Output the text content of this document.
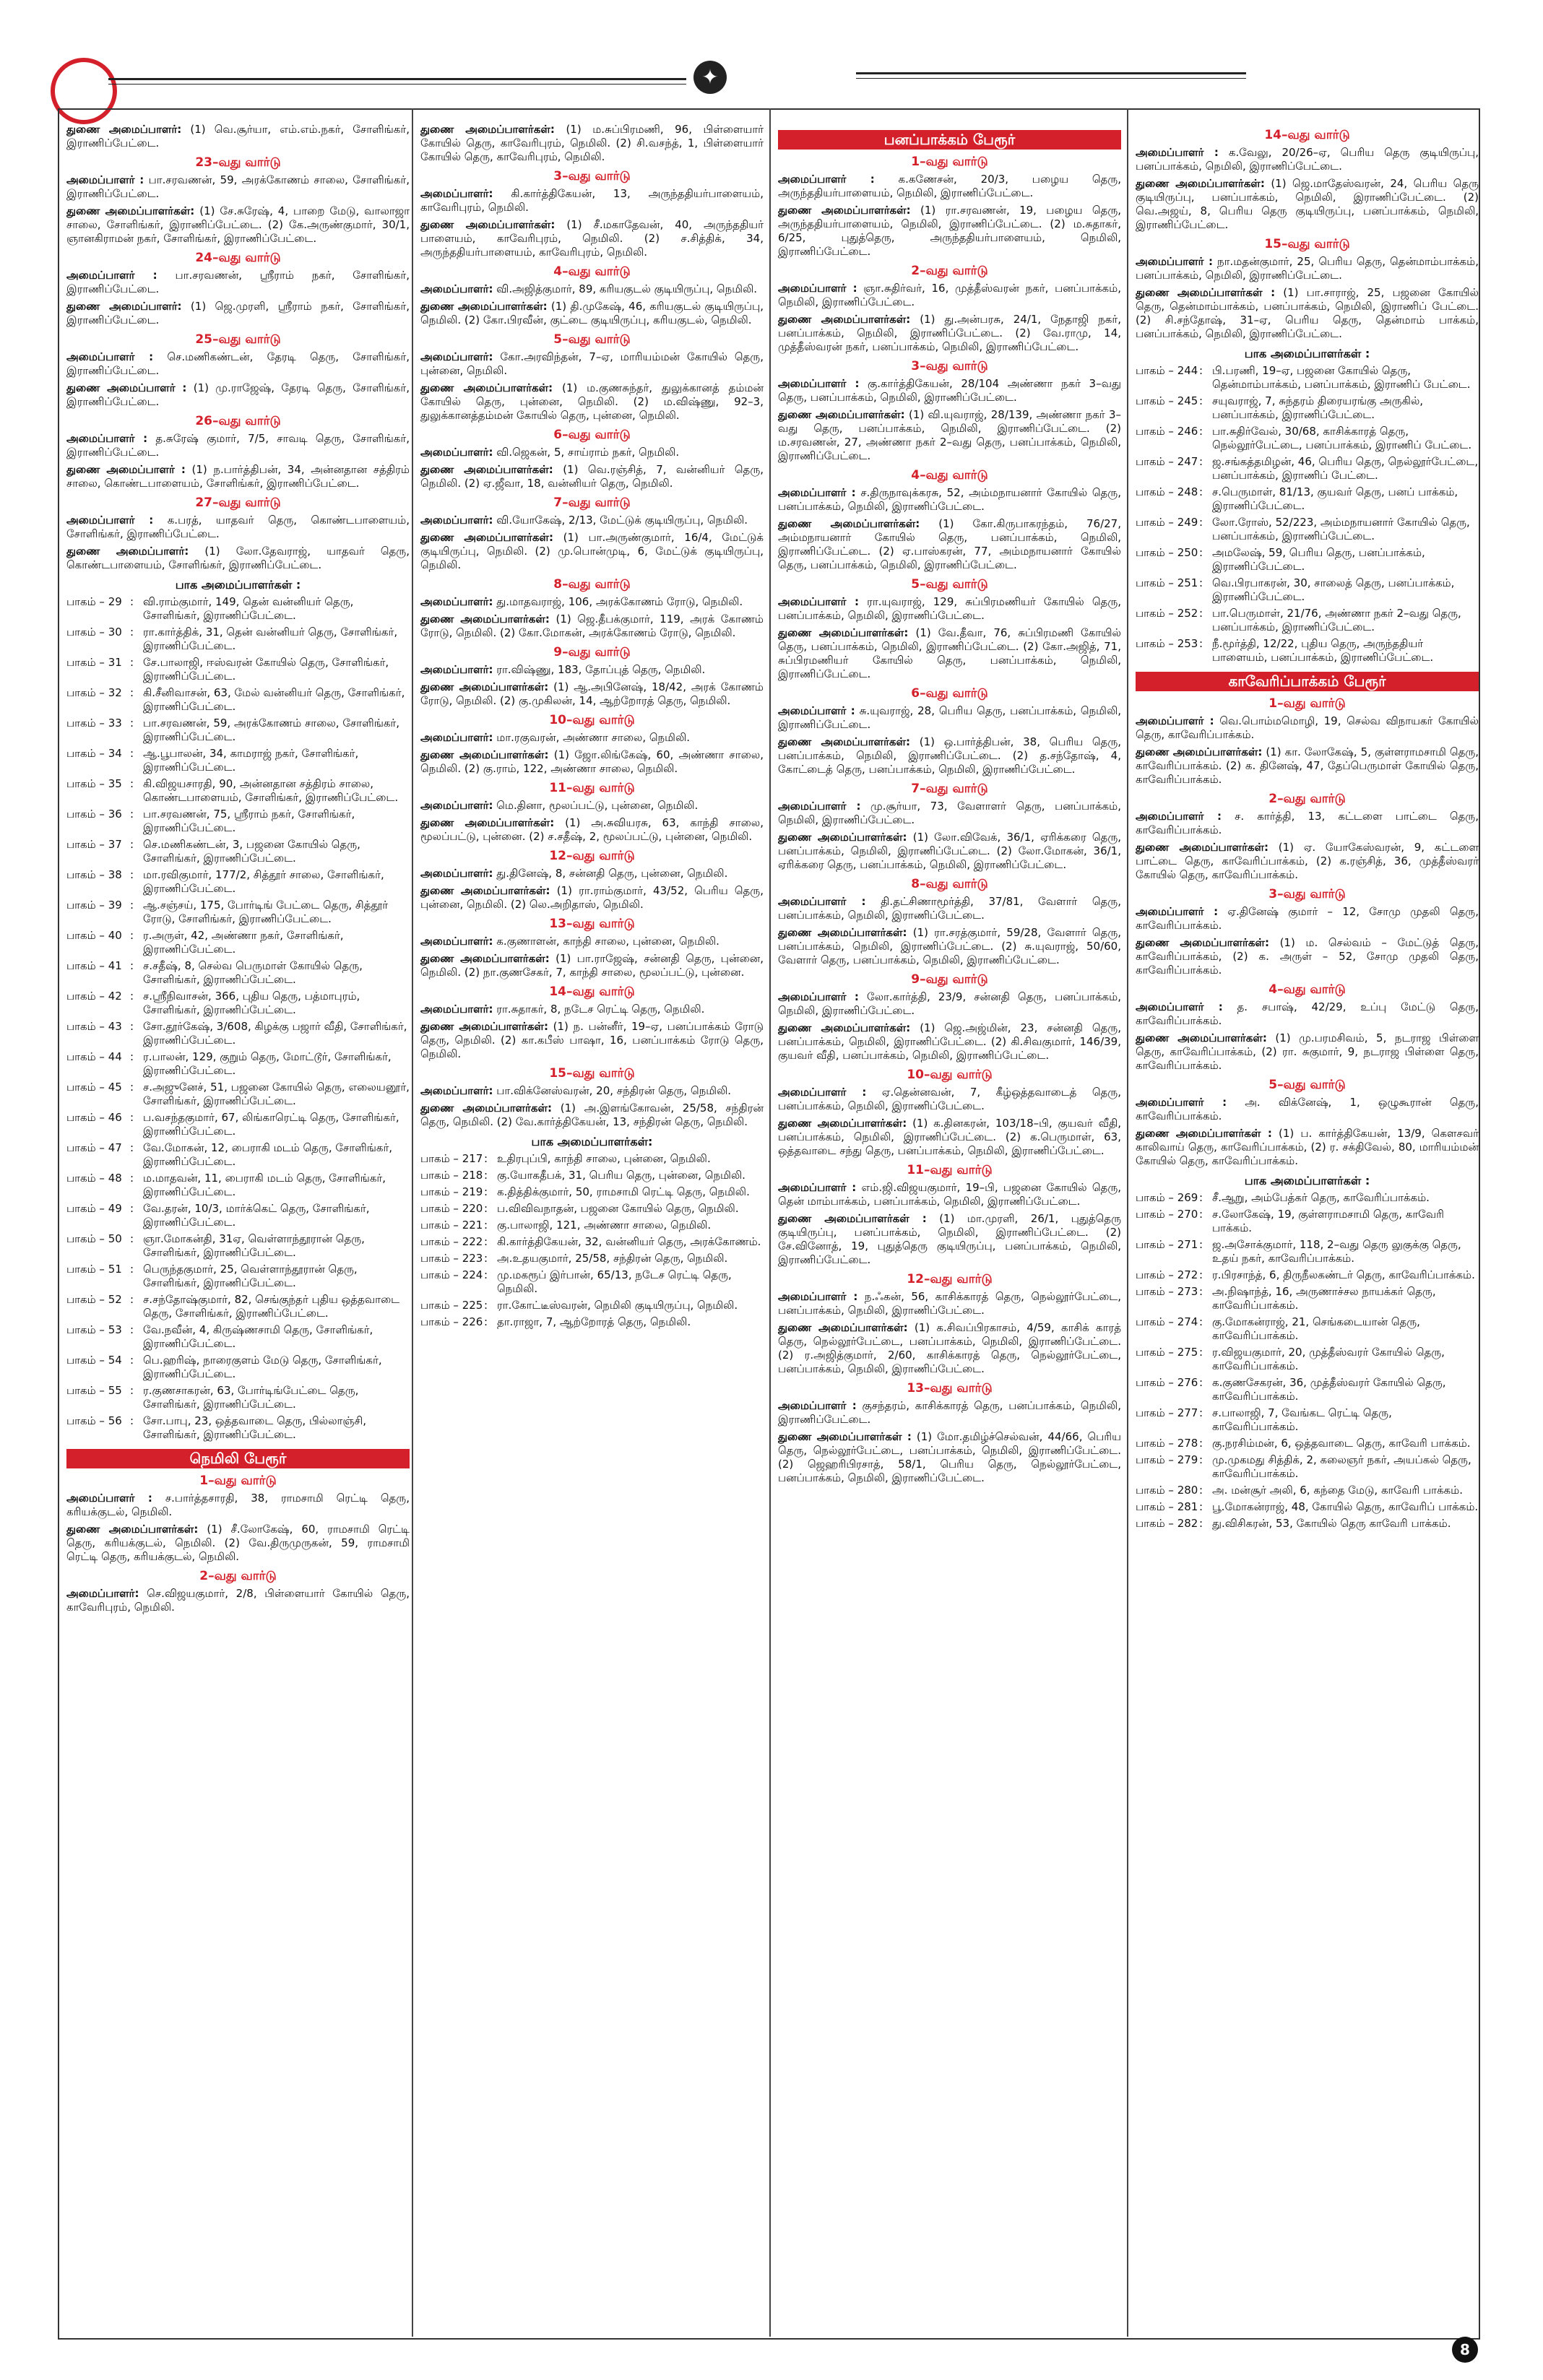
✦
துணை அமைப்பாளர்: (1) வெ.சூர்யா, எம்.எம்.நகர், சோளிங்கர், இராணிப்பேட்டை.
23–வது வார்டு
அமைப்பாளர் : பா.சரவணன், 59, அரக்கோணம் சாலை, சோளிங்கர், இராணிப்பேட்டை.
துணை அமைப்பாளர்கள்: (1) சே.சுரேஷ், 4, பாறை மேடு, வாலாஜா சாலை, சோளிங்கர், இராணிப்பேட்டை. (2) கே.அருண்குமார், 30/1, ஞானகிராமன் நகர், சோளிங்கர், இராணிப்பேட்டை.
24–வது வார்டு
அமைப்பாளர் : பா.சரவணன், ஸ்ரீராம் நகர், சோளிங்கர், இராணிப்பேட்டை.
துணை அமைப்பாளர்: (1) ஜெ.முரளி, ஸ்ரீராம் நகர், சோளிங்கர், இராணிப்பேட்டை.
25–வது வார்டு
அமைப்பாளர் : செ.மணிகண்டன், தேரடி தெரு, சோளிங்கர், இராணிப்பேட்டை.
துணை அமைப்பாளர் : (1) மு.ராஜேஷ், தேரடி தெரு, சோளிங்கர், இராணிப்பேட்டை.
26–வது வார்டு
அமைப்பாளர் : த.சுரேஷ் குமார், 7/5, சாவடி தெரு, சோளிங்கர், இராணிப்பேட்டை.
துணை அமைப்பாளர் : (1) ந.பார்த்திபன், 34, அன்னதான சத்திரம் சாலை, கொண்டபாளையம், சோளிங்கர், இராணிப்பேட்டை.
27–வது வார்டு
அமைப்பாளர் : க.பரத், யாதவர் தெரு, கொண்டபாளையம், சோளிங்கர், இராணிப்பேட்டை.
துணை அமைப்பாளர்: (1) லோ.தேவராஜ், யாதவர் தெரு, கொண்டபாளையம், சோளிங்கர், இராணிப்பேட்டை.
பாக அமைப்பாளர்கள் :
பாகம் – 29 : வி.ராம்குமார், 149, தென் வன்னியர் தெரு, சோளிங்கர், இராணிப்பேட்டை.
பாகம் – 30 : ரா.கார்த்திக், 31, தென் வன்னியர் தெரு, சோளிங்கர், இராணிப்பேட்டை.
பாகம் – 31 : சே.பாலாஜி, ஈஸ்வரன் கோயில் தெரு, சோளிங்கர், இராணிப்பேட்டை.
பாகம் – 32 : கி.சீனிவாசன், 63, மேல் வன்னியர் தெரு, சோளிங்கர், இராணிப்பேட்டை.
பாகம் – 33 : பா.சரவணன், 59, அரக்கோணம் சாலை, சோளிங்கர், இராணிப்பேட்டை.
பாகம் – 34 : ஆ.பூபாலன், 34, காமராஜ் நகர், சோளிங்கர், இராணிப்பேட்டை.
பாகம் – 35 : கி.விஜயசாரதி, 90, அன்னதான சத்திரம் சாலை, கொண்டபாளையம், சோளிங்கர், இராணிப்பேட்டை.
பாகம் – 36 : பா.சரவணன், 75, ஸ்ரீராம் நகர், சோளிங்கர், இராணிப்பேட்டை.
பாகம் – 37 : செ.மணிகண்டன், 3, பஜனை கோயில் தெரு, சோளிங்கர், இராணிப்பேட்டை.
பாகம் – 38 : மா.ரவிகுமார், 177/2, சித்தூர் சாலை, சோளிங்கர், இராணிப்பேட்டை.
பாகம் – 39 : ஆ.சஞ்சய், 175, போர்டிங் பேட்டை தெரு, சித்தூர் ரோடு, சோளிங்கர், இராணிப்பேட்டை.
பாகம் – 40 : ர.அருள், 42, அண்ணா நகர், சோளிங்கர், இராணிப்பேட்டை.
பாகம் – 41 : ச.சதீஷ், 8, செல்வ பெருமாள் கோயில் தெரு, சோளிங்கர், இராணிப்பேட்டை.
பாகம் – 42 : ச.ஸ்ரீநிவாசன், 366, புதிய தெரு, பத்மாபுரம், சோளிங்கர், இராணிப்பேட்டை.
பாகம் – 43 : சோ.தூர்கேஷ், 3/608, கிழக்கு பஜார் வீதி, சோளிங்கர், இராணிப்பேட்டை.
பாகம் – 44 : ர.பாலன், 129, குறும் தெரு, மோட்டூர், சோளிங்கர், இராணிப்பேட்டை.
பாகம் – 45 : ச.அஜுனேச், 51, பஜனை கோயில் தெரு, எலையனூர், சோளிங்கர், இராணிப்பேட்டை.
பாகம் – 46 : ப.வசந்தகுமார், 67, லிங்காரெட்டி தெரு, சோளிங்கர், இராணிப்பேட்டை.
பாகம் – 47 : வே.மோகன், 12, பைராகி மடம் தெரு, சோளிங்கர், இராணிப்பேட்டை.
பாகம் – 48 : ம.மாதவன், 11, பைராகி மடம் தெரு, சோளிங்கர், இராணிப்பேட்டை.
பாகம் – 49 : வே.தரன், 10/3, மார்க்கெட் தெரு, சோளிங்கர், இராணிப்பேட்டை.
பாகம் – 50 : ஞா.மோகன்தி, 31ஏ, வெள்ளாந்தூரான் தெரு, சோளிங்கர், இராணிப்பேட்டை.
பாகம் – 51 : பெருந்தகுமார், 25, வெள்ளாந்தூரான் தெரு, சோளிங்கர், இராணிப்பேட்டை.
பாகம் – 52 : ச.சந்தோஷ்குமார், 82, செங்குந்தர் புதிய ஒத்தவாடை தெரு, சோளிங்கர், இராணிப்பேட்டை.
பாகம் – 53 : வே.நவீன், 4, கிருஷ்ணசாமி தெரு, சோளிங்கர், இராணிப்பேட்டை.
பாகம் – 54 : பெ.ஹரிஷ், நாரைகுளம் மேடு தெரு, சோளிங்கர், இராணிப்பேட்டை.
பாகம் – 55 : ர.குணசாகரன், 63, போர்டிங்பேட்டை தெரு, சோளிங்கர், இராணிப்பேட்டை.
பாகம் – 56 : சோ.பாபு, 23, ஒத்தவாடை தெரு, பில்லாஞ்சி, சோளிங்கர், இராணிப்பேட்டை.
நெமிலி பேரூர்
1–வது வார்டு
அமைப்பாளர் : ச.பார்த்தசாரதி, 38, ராமசாமி ரெட்டி தெரு, கரியக்குடல், நெமிலி.
துணை அமைப்பாளர்கள்: (1) சீ.லோகேஷ், 60, ராமசாமி ரெட்டி தெரு, கரியக்குடல், நெமிலி. (2) வே.திருமுருகன், 59, ராமசாமி ரெட்டி தெரு, கரியக்குடல், நெமிலி.
2–வது வார்டு
அமைப்பாளர்: செ.விஜயகுமார், 2/8, பிள்ளையார் கோயில் தெரு, காவேரிபுரம், நெமிலி.
துணை அமைப்பாளர்கள்: (1) ம.சுப்பிரமணி, 96, பிள்ளையார் கோயில் தெரு, காவேரிபுரம், நெமிலி. (2) சி.வசந்த், 1, பிள்ளையார் கோயில் தெரு, காவேரிபுரம், நெமிலி.
3–வது வார்டு
அமைப்பாளர்: கி.கார்த்திகேயன், 13, அருந்ததியர்பாளையம், காவேரிபுரம், நெமிலி.
துணை அமைப்பாளர்கள்: (1) சீ.மகாதேவன், 40, அருந்ததியர் பாளையம், காவேரிபுரம், நெமிலி. (2) ச.சித்திக், 34, அருந்ததியர்பாளையம், காவேரிபுரம், நெமிலி.
4–வது வார்டு
அமைப்பாளர்: வி.அஜித்குமார், 89, கரியகுடல் குடியிருப்பு, நெமிலி.
துணை அமைப்பாளர்கள்: (1) தி.முகேஷ், 46, கரியகுடல் குடியிருப்பு, நெமிலி. (2) கோ.பிரவீன், குட்டை குடியிருப்பு, கரியகுடல், நெமிலி.
5–வது வார்டு
அமைப்பாளர்: கோ.அரவிந்தன், 7–ஏ, மாரியம்மன் கோயில் தெரு, புன்னை, நெமிலி.
துணை அமைப்பாளர்கள்: (1) ம.குணசுந்தர், துலுக்கானத் தம்மன் கோயில் தெரு, புன்னை, நெமிலி. (2) ம.விஷ்ணு, 92–3, துலுக்கானத்தம்மன் கோயில் தெரு, புன்னை, நெமிலி.
6–வது வார்டு
அமைப்பாளர்: வி.ஜெகன், 5, சாய்ராம் நகர், நெமிலி.
துணை அமைப்பாளர்கள்: (1) வெ.ரஞ்சித், 7, வன்னியர் தெரு, நெமிலி. (2) ஏ.ஜீவா, 18, வன்னியர் தெரு, நெமிலி.
7–வது வார்டு
அமைப்பாளர்: வி.யோகேஷ், 2/13, மேட்டுக் குடியிருப்பு, நெமிலி.
துணை அமைப்பாளர்கள்: (1) பா.அருண்குமார், 16/4, மேட்டுக் குடியிருப்பு, நெமிலி. (2) மு.பொன்முடி, 6, மேட்டுக் குடியிருப்பு, நெமிலி.
8–வது வார்டு
அமைப்பாளர்: து.மாதவராஜ், 106, அரக்கோணம் ரோடு, நெமிலி.
துணை அமைப்பாளர்கள்: (1) ஜெ.தீபக்குமார், 119, அரக் கோணம் ரோடு, நெமிலி. (2) கோ.மோகன், அரக்கோணம் ரோடு, நெமிலி.
9–வது வார்டு
அமைப்பாளர்: ரா.விஷ்ணு, 183, தோப்புத் தெரு, நெமிலி.
துணை அமைப்பாளர்கள்: (1) ஆ.அபினேஷ், 18/42, அரக் கோணம் ரோடு, நெமிலி. (2) கு.முகிலன், 14, ஆற்றோரத் தெரு, நெமிலி.
10–வது வார்டு
அமைப்பாளர்: மா.ரகுவரன், அண்ணா சாலை, நெமிலி.
துணை அமைப்பாளர்கள்: (1) ஜோ.லிங்கேஷ், 60, அண்ணா சாலை, நெமிலி. (2) கு.ராம், 122, அண்ணா சாலை, நெமிலி.
11–வது வார்டு
அமைப்பாளர்: மெ.தினா, மூலப்பட்டு, புன்னை, நெமிலி.
துணை அமைப்பாளர்கள்: (1) அ.சுவியரசு, 63, காந்தி சாலை, மூலப்பட்டு, புன்னை. (2) ச.சதீஷ், 2, மூலப்பட்டு, புன்னை, நெமிலி.
12–வது வார்டு
அமைப்பாளர்: து.தினேஷ், 8, சன்னதி தெரு, புன்னை, நெமிலி.
துணை அமைப்பாளர்கள்: (1) ரா.ராம்குமார், 43/52, பெரிய தெரு, புன்னை, நெமிலி. (2) லெ.அறிதாஸ், நெமிலி.
13–வது வார்டு
அமைப்பாளர்: க.குணாளன், காந்தி சாலை, புன்னை, நெமிலி.
துணை அமைப்பாளர்கள்: (1) பா.ராஜேஷ், சன்னதி தெரு, புன்னை, நெமிலி. (2) நா.குணசேகர், 7, காந்தி சாலை, மூலப்பட்டு, புன்னை.
14–வது வார்டு
அமைப்பாளர்: ரா.சுதாகர், 8, நடேச ரெட்டி தெரு, நெமிலி.
துணை அமைப்பாளர்கள்: (1) ந. பன்னீர், 19–ஏ, பனப்பாக்கம் ரோடு தெரு, நெமிலி. (2) கா.கபீஸ் பாஷா, 16, பனப்பாக்கம் ரோடு தெரு, நெமிலி.
15–வது வார்டு
அமைப்பாளர்: பா.விக்னேஸ்வரன், 20, சந்திரன் தெரு, நெமிலி.
துணை அமைப்பாளர்கள்: (1) அ.இளங்கோவன், 25/58, சந்திரன் தெரு, நெமிலி. (2) வே.கார்த்திகேயன், 13, சந்திரன் தெரு, நெமிலி.
பாக அமைப்பாளர்கள்:
பாகம் – 217 : உதிரபுப்பி, காந்தி சாலை, புன்னை, நெமிலி.
பாகம் – 218 : கு.யோகதீபக், 31, பெரிய தெரு, புன்னை, நெமிலி.
பாகம் – 219 : க.தித்திக்குமார், 50, ராமசாமி ரெட்டி தெரு, நெமிலி.
பாகம் – 220 : ப.விவிவநாதன், பஜனை கோயில் தெரு, நெமிலி.
பாகம் – 221 : கு.பாலாஜி, 121, அண்ணா சாலை, நெமிலி.
பாகம் – 222 : கி.கார்த்திகேயன், 32, வன்னியர் தெரு, அரக்கோணம்.
பாகம் – 223 : அ.உதயகுமார், 25/58, சந்திரன் தெரு, நெமிலி.
பாகம் – 224 : மு.மகரூப் இர்பான், 65/13, நடேச ரெட்டி தெரு, நெமிலி.
பாகம் – 225 : ரா.கோட்டீஸ்வரன், நெமிலி குடியிருப்பு, நெமிலி.
பாகம் – 226 : தா.ராஜா, 7, ஆற்றோரத் தெரு, நெமிலி.
பனப்பாக்கம் பேரூர்
1–வது வார்டு
அமைப்பாளர் : க.கணேசன், 20/3, பழைய தெரு, அருந்ததியர்பாளையம், நெமிலி, இராணிப்பேட்டை.
துணை அமைப்பாளர்கள்: (1) ரா.சரவணன், 19, பழைய தெரு, அருந்ததியர்பாளையம், நெமிலி, இராணிப்பேட்டை. (2) ம.சுதாகர், 6/25, புதுத்தெரு, அருந்ததியர்பாளையம், நெமிலி, இராணிப்பேட்டை.
2–வது வார்டு
அமைப்பாளர் : ஞா.சுதிர்வர், 16, முத்தீஸ்வரன் நகர், பனப்பாக்கம், நெமிலி, இராணிப்பேட்டை.
துணை அமைப்பாளர்கள்: (1) து.அன்பரசு, 24/1, நேதாஜி நகர், பனப்பாக்கம், நெமிலி, இராணிப்பேட்டை. (2) வே.ராமு, 14, முத்தீஸ்வரன் நகர், பனப்பாக்கம், நெமிலி, இராணிப்பேட்டை.
3–வது வார்டு
அமைப்பாளர் : கு.கார்த்திகேயன், 28/104 அண்ணா நகர் 3–வது தெரு, பனப்பாக்கம், நெமிலி, இராணிப்பேட்டை.
துணை அமைப்பாளர்கள்: (1) வி.யுவராஜ், 28/139, அண்ணா நகர் 3–வது தெரு, பனப்பாக்கம், நெமிலி, இராணிப்பேட்டை. (2) ம.சரவணன், 27, அண்ணா நகர் 2–வது தெரு, பனப்பாக்கம், நெமிலி, இராணிப்பேட்டை.
4–வது வார்டு
அமைப்பாளர் : ச.திருநாவுக்கரசு, 52, அம்மநாயனார் கோயில் தெரு, பனப்பாக்கம், நெமிலி, இராணிப்பேட்டை.
துணை அமைப்பாளர்கள்: (1) கோ.கிருபாகரந்தம், 76/27, அம்மநாயனார் கோயில் தெரு, பனப்பாக்கம், நெமிலி, இராணிப்பேட்டை. (2) ஏ.பாஸ்கரன், 77, அம்மநாயனார் கோயில் தெரு, பனப்பாக்கம், நெமிலி, இராணிப்பேட்டை.
5–வது வார்டு
அமைப்பாளர் : ரா.யுவராஜ், 129, சுப்பிரமணியர் கோயில் தெரு, பனப்பாக்கம், நெமிலி, இராணிப்பேட்டை.
துணை அமைப்பாளர்கள்: (1) வே.தீவா, 76, சுப்பிரமணி கோயில் தெரு, பனப்பாக்கம், நெமிலி, இராணிப்பேட்டை. (2) கோ.அஜித், 71, சுப்பிரமணியர் கோயில் தெரு, பனப்பாக்கம், நெமிலி, இராணிப்பேட்டை.
6–வது வார்டு
அமைப்பாளர் : சு.யுவராஜ், 28, பெரிய தெரு, பனப்பாக்கம், நெமிலி, இராணிப்பேட்டை.
துணை அமைப்பாளர்கள்: (1) ஒ.பார்த்திபன், 38, பெரிய தெரு, பனப்பாக்கம், நெமிலி, இராணிப்பேட்டை. (2) த.சந்தோஷ், 4, கோட்டைத் தெரு, பனப்பாக்கம், நெமிலி, இராணிப்பேட்டை.
7–வது வார்டு
அமைப்பாளர் : மு.சூர்யா, 73, வேளாளர் தெரு, பனப்பாக்கம், நெமிலி, இராணிப்பேட்டை.
துணை அமைப்பாளர்கள்: (1) லோ.விவேக், 36/1, ஏரிக்கரை தெரு, பனப்பாக்கம், நெமிலி, இராணிப்பேட்டை. (2) லோ.மோகன், 36/1, ஏரிக்கரை தெரு, பனப்பாக்கம், நெமிலி, இராணிப்பேட்டை.
8–வது வார்டு
அமைப்பாளர் : தி.தட்சிணாமூர்த்தி, 37/81, வேளார் தெரு, பனப்பாக்கம், நெமிலி, இராணிப்பேட்டை.
துணை அமைப்பாளர்கள்: (1) ரா.சரத்குமார், 59/28, வேளார் தெரு, பனப்பாக்கம், நெமிலி, இராணிப்பேட்டை. (2) சு.யுவராஜ், 50/60, வேளார் தெரு, பனப்பாக்கம், நெமிலி, இராணிப்பேட்டை.
9–வது வார்டு
அமைப்பாளர் : லோ.கார்த்தி, 23/9, சன்னதி தெரு, பனப்பாக்கம், நெமிலி, இராணிப்பேட்டை.
துணை அமைப்பாளர்கள்: (1) ஜெ.அஜ்மின், 23, சன்னதி தெரு, பனப்பாக்கம், நெமிலி, இராணிப்பேட்டை. (2) கி.சிவகுமார், 146/39, குயவர் வீதி, பனப்பாக்கம், நெமிலி, இராணிப்பேட்டை.
10–வது வார்டு
அமைப்பாளர் : ஏ.தென்னவன், 7, கீழ்ஒத்தவாடைத் தெரு, பனப்பாக்கம், நெமிலி, இராணிப்பேட்டை.
துணை அமைப்பாளர்கள்: (1) க.தினகரன், 103/18–பி, குயவர் வீதி, பனப்பாக்கம், நெமிலி, இராணிப்பேட்டை. (2) க.பெருமாள், 63, ஒத்தவாடை சந்து தெரு, பனப்பாக்கம், நெமிலி, இராணிப்பேட்டை.
11–வது வார்டு
அமைப்பாளர் : எம்.ஜி.விஜயகுமார், 19–பி, பஜனை கோயில் தெரு, தென் மாம்பாக்கம், பனப்பாக்கம், நெமிலி, இராணிப்பேட்டை.
துணை அமைப்பாளர்கள் : (1) மா.முரளி, 26/1, புதுத்தெரு குடியிருப்பு, பனப்பாக்கம், நெமிலி, இராணிப்பேட்டை. (2) சே.வினோத், 19, புதுத்தெரு குடியிருப்பு, பனப்பாக்கம், நெமிலி, இராணிப்பேட்டை.
12–வது வார்டு
அமைப்பாளர் : ந.ஃகன், 56, காசிக்காரத் தெரு, நெல்லூர்பேட்டை, பனப்பாக்கம், நெமிலி, இராணிப்பேட்டை.
துணை அமைப்பாளர்கள்: (1) க.சிவப்பிரகாசம், 4/59, காசிக் காரத் தெரு, நெல்லூர்பேட்டை, பனப்பாக்கம், நெமிலி, இராணிப்பேட்டை. (2) ர.அஜித்குமார், 2/60, காசிக்காரத் தெரு, நெல்லூர்பேட்டை, பனப்பாக்கம், நெமிலி, இராணிப்பேட்டை.
13–வது வார்டு
அமைப்பாளர் : குசந்தரம், காசிக்காரத் தெரு, பனப்பாக்கம், நெமிலி, இராணிப்பேட்டை.
துணை அமைப்பாளர்கள் : (1) மோ.தமிழ்ச்செல்வன், 44/66, பெரிய தெரு, நெல்லூர்பேட்டை, பனப்பாக்கம், நெமிலி, இராணிப்பேட்டை. (2) ஜெஹரிபிரசாத், 58/1, பெரிய தெரு, நெல்லூர்பேட்டை, பனப்பாக்கம், நெமிலி, இராணிப்பேட்டை.
14–வது வார்டு
அமைப்பாளர் : க.வேலு, 20/26–ஏ, பெரிய தெரு குடியிருப்பு, பனப்பாக்கம், நெமிலி, இராணிப்பேட்டை.
துணை அமைப்பாளர்கள்: (1) ஜெ.மாதேஸ்வரன், 24, பெரிய தெரு குடியிருப்பு, பனப்பாக்கம், நெமிலி, இராணிப்பேட்டை. (2) வெ.அஜய், 8, பெரிய தெரு குடியிருப்பு, பனப்பாக்கம், நெமிலி, இராணிப்பேட்டை.
15–வது வார்டு
அமைப்பாளர் : நா.மதன்குமார், 25, பெரிய தெரு, தென்மாம்பாக்கம், பனப்பாக்கம், நெமிலி, இராணிப்பேட்டை.
துணை அமைப்பாளர்கள் : (1) பா.சாராஜ், 25, பஜனை கோயில் தெரு, தென்மாம்பாக்கம், பனப்பாக்கம், நெமிலி, இராணிப் பேட்டை. (2) சி.சந்தோஷ், 31–ஏ, பெரிய தெரு, தென்மாம் பாக்கம், பனப்பாக்கம், நெமிலி, இராணிப்பேட்டை.
பாக அமைப்பாளர்கள் :
பாகம் – 244 : பி.பரணி, 19–ஏ, பஜனை கோயில் தெரு, தென்மாம்பாக்கம், பனப்பாக்கம், இராணிப் பேட்டை.
பாகம் – 245 : சயுவராஜ், 7, சுந்தரம் திரையரங்கு அருகில், பனப்பாக்கம், இராணிப்பேட்டை.
பாகம் – 246 : பா.சுதிர்வேல், 30/68, காசிக்காரத் தெரு, நெல்லூர்பேட்டை, பனப்பாக்கம், இராணிப் பேட்டை.
பாகம் – 247 : ஜ.சங்கத்தமிழன், 46, பெரிய தெரு, நெல்லூர்பேட்டை, பனப்பாக்கம், இராணிப் பேட்டை.
பாகம் – 248 : ச.பெருமாள், 81/13, குயவர் தெரு, பனப் பாக்கம், இராணிப்பேட்டை.
பாகம் – 249 : லோ.ரோஸ், 52/223, அம்மநாயனார் கோயில் தெரு, பனப்பாக்கம், இராணிப்பேட்டை.
பாகம் – 250 : அமலேஷ், 59, பெரிய தெரு, பனப்பாக்கம், இராணிப்பேட்டை.
பாகம் – 251 : வெ.பிரபாகரன், 30, சாலைத் தெரு, பனப்பாக்கம், இராணிப்பேட்டை.
பாகம் – 252 : பா.பெருமாள், 21/76, அண்ணா நகர் 2–வது தெரு, பனப்பாக்கம், இராணிப்பேட்டை.
பாகம் – 253 : நீ.மூர்த்தி, 12/22, புதிய தெரு, அருந்ததியர் பாளையம், பனப்பாக்கம், இராணிப்பேட்டை.
காவேரிப்பாக்கம் பேரூர்
1–வது வார்டு
அமைப்பாளர் : வெ.பொம்மமொழி, 19, செல்வ விநாயகர் கோயில் தெரு, காவேரிப்பாக்கம்.
துணை அமைப்பாளர்கள்: (1) கா. லோகேஷ், 5, குள்ளராமசாமி தெரு, காவேரிப்பாக்கம். (2) க. தினேஷ், 47, தேப்பெருமாள் கோயில் தெரு, காவேரிப்பாக்கம்.
2–வது வார்டு
அமைப்பாளர் : ச. கார்த்தி, 13, கட்டளை பாட்டை தெரு, காவேரிப்பாக்கம்.
துணை அமைப்பாளர்கள்: (1) ஏ. யோகேஸ்வரன், 9, கட்டளை பாட்டை தெரு, காவேரிப்பாக்கம், (2) க.ரஞ்சித், 36, முத்தீஸ்வரர் கோயில் தெரு, காவேரிப்பாக்கம்.
3–வது வார்டு
அமைப்பாளர் : ஏ.தினேஷ் குமார் – 12, சோமு முதலி தெரு, காவேரிப்பாக்கம்.
துணை அமைப்பாளர்கள்: (1) ம. செல்வம் – மேட்டுத் தெரு, காவேரிப்பாக்கம், (2) க. அருள் – 52, சோமு முதலி தெரு, காவேரிப்பாக்கம்.
4–வது வார்டு
அமைப்பாளர் : த. சபாஷ், 42/29, உப்பு மேட்டு தெரு, காவேரிப்பாக்கம்.
துணை அமைப்பாளர்கள்: (1) மு.பரமசிவம், 5, நடராஜ பிள்ளை தெரு, காவேரிப்பாக்கம், (2) ரா. சுகுமார், 9, நடராஜ பிள்ளை தெரு, காவேரிப்பாக்கம்.
5–வது வார்டு
அமைப்பாளர் : அ. விக்னேஷ், 1, ஒழுகூரான் தெரு, காவேரிப்பாக்கம்.
துணை அமைப்பாளர்கள் : (1) ப. கார்த்திகேயன், 13/9, கௌசவர் காலிவாய் தெரு, காவேரிப்பாக்கம், (2) ர. சக்திவேல், 80, மாரியம்மன் கோயில் தெரு, காவேரிப்பாக்கம்.
பாக அமைப்பாளர்கள் :
பாகம் – 269 : சீ.ஆறு, அம்பேத்கர் தெரு, காவேரிப்பாக்கம்.
பாகம் – 270 : ச.லோகேஷ், 19, குள்ளராமசாமி தெரு, காவேரி பாக்கம்.
பாகம் – 271 : ஜ.அசோக்குமார், 118, 2–வது தெரு லுகுக்கு தெரு, உதய் நகர், காவேரிப்பாக்கம்.
பாகம் – 272 : ர.பிரசாந்த், 6, திருநீலகண்டர் தெரு, காவேரிப்பாக்கம்.
பாகம் – 273 : அ.நிஷாந்த், 16, அருணாச்சல நாயக்கர் தெரு, காவேரிப்பாக்கம்.
பாகம் – 274 : கு.மோகன்ராஜ், 21, செங்கடையான் தெரு, காவேரிப்பாக்கம்.
பாகம் – 275 : ர.விஜயகுமார், 20, முத்தீஸ்வரர் கோயில் தெரு, காவேரிப்பாக்கம்.
பாகம் – 276 : க.குணசேகரன், 36, முத்தீஸ்வரர் கோயில் தெரு, காவேரிப்பாக்கம்.
பாகம் – 277 : ச.பாலாஜி, 7, வேங்கட ரெட்டி தெரு, காவேரிப்பாக்கம்.
பாகம் – 278 : கு.நரசிம்மன், 6, ஒத்தவாடை தெரு, காவேரி பாக்கம்.
பாகம் – 279 : மு.முகமது சித்திக், 2, கலைஞர் நகர், அயப்கல் தெரு, காவேரிப்பாக்கம்.
பாகம் – 280 : அ. மன்சூர் அலி, 6, கந்தை மேடு, காவேரி பாக்கம்.
பாகம் – 281 : பூ.மோகன்ராஜ், 48, கோயில் தெரு, காவேரிப் பாக்கம்.
பாகம் – 282 : து.விசிகரன், 53, கோயில் தெரு காவேரி பாக்கம்.
8
